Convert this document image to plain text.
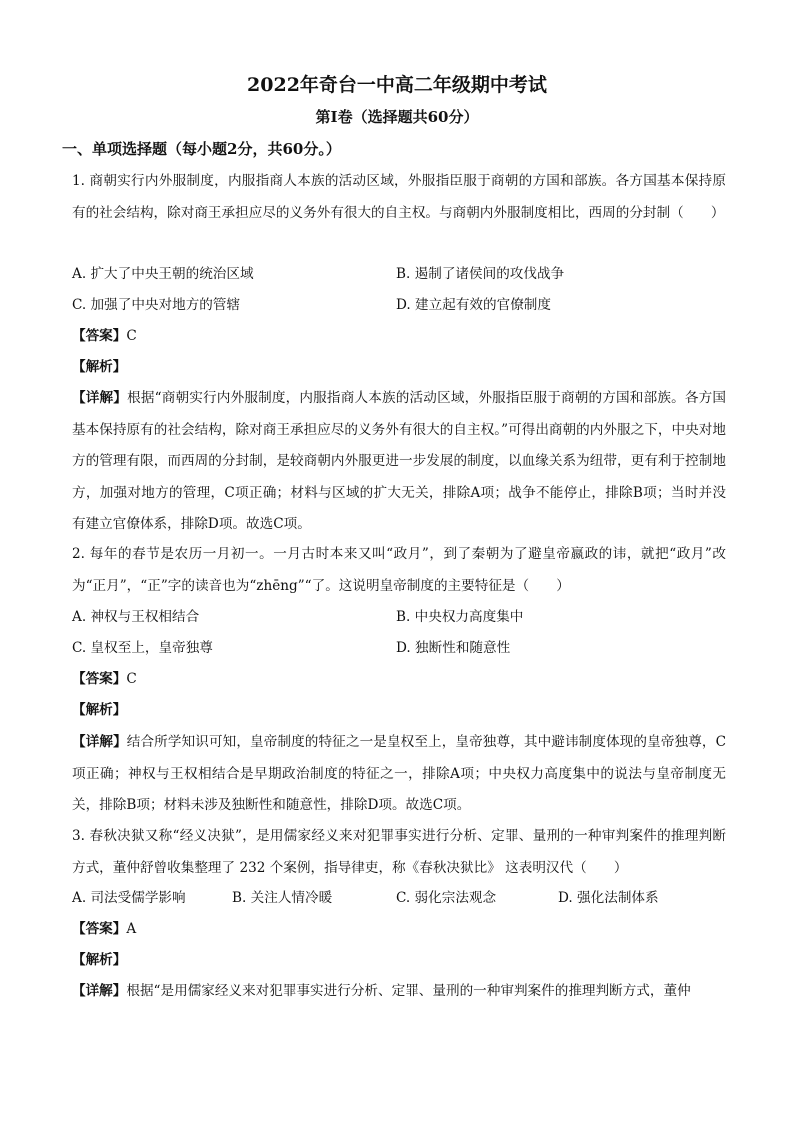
2022年奇台一中高二年级期中考试
第Ⅰ卷（选择题共60分）
一、单项选择题（每小题2分，共60分。）
1. 商朝实行内外服制度，内服指商人本族的活动区域，外服指臣服于商朝的方国和部族。各方国基本保持原有的社会结构，除对商王承担应尽的义务外有很大的自主权。与商朝内外服制度相比，西周的分封制（　　）
A. 扩大了中央王朝的统治区域	B. 遏制了诸侯间的攻伐战争
C. 加强了中央对地方的管辖	D. 建立起有效的官僚制度
【答案】C
【解析】
【详解】根据“商朝实行内外服制度，内服指商人本族的活动区域，外服指臣服于商朝的方国和部族。各方国基本保持原有的社会结构，除对商王承担应尽的义务外有很大的自主权。”可得出商朝的内外服之下，中央对地方的管理有限，而西周的分封制，是较商朝内外服更进一步发展的制度，以血缘关系为纽带，更有利于控制地方，加强对地方的管理，C项正确；材料与区域的扩大无关，排除A项；战争不能停止，排除B项；当时并没有建立官僚体系，排除D项。故选C项。
2. 每年的春节是农历一月初一。一月古时本来又叫“政月”，到了秦朝为了避皇帝嬴政的讳，就把“政月”改为“正月”，“正”字的读音也为“zhēng”“了。这说明皇帝制度的主要特征是（　　）
A. 神权与王权相结合	B. 中央权力高度集中
C. 皇权至上，皇帝独尊	D. 独断性和随意性
【答案】C
【解析】
【详解】结合所学知识可知，皇帝制度的特征之一是皇权至上，皇帝独尊，其中避讳制度体现的皇帝独尊，C项正确；神权与王权相结合是早期政治制度的特征之一，排除A项；中央权力高度集中的说法与皇帝制度无关，排除B项；材料未涉及独断性和随意性，排除D项。故选C项。
3. 春秋决狱又称“经义决狱”，是用儒家经义来对犯罪事实进行分析、定罪、量刑的一种审判案件的推理判断方式，董仲舒曾收集整理了 232 个案例，指导律吏，称《春秋决狱比》 这表明汉代（　　）
A. 司法受儒学影响	B. 关注人情冷暖	C. 弱化宗法观念	D. 强化法制体系
【答案】A
【解析】
【详解】根据“是用儒家经义来对犯罪事实进行分析、定罪、量刑的一种审判案件的推理判断方式，董仲
